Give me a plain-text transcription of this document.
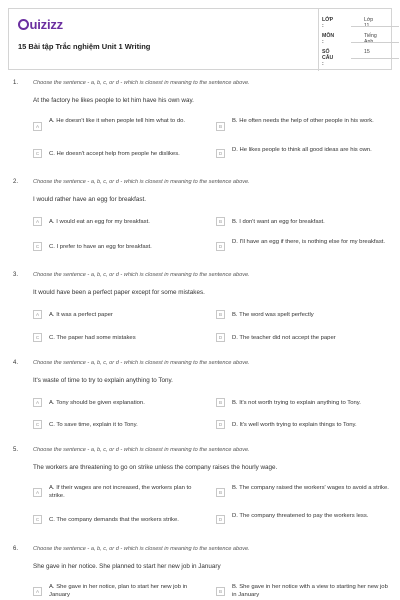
uizizz
15 Bài tập Trắc nghiệm Unit 1 Writing
LỚP :
Lớp
MÔN :
Tiếng
SỐ CÂU :
15
1.	Choose the sentence - a, b, c, or d - which is closest in meaning to the sentence above.
At the factory he likes people to let him have his own way.
A
A. He doesn't like it when people tell him what to do.
B
B. He often needs the help of other people in his work.
C	C. He doesn't accept help from people he dislikes.	D
D. He likes people to think all good ideas are his own.
2.	Choose the sentence - a, b, c, or d - which is closest in meaning to the sentence above.
I would rather have an egg for breakfast.
A	A. I would eat an egg for my breakfast.	B	B. I don't want an egg for breakfast.
C	C. I prefer to have an egg for breakfast.	D
D. I'll have an egg if there, is nothing else for my breakfast.
3.	Choose the sentence - a, b, c, or d - which is closest in meaning to the sentence above.
It would have been a perfect paper except for some mistakes.
A	A. It was a perfect paper	B	B. The word was spelt perfectly
C	C. The paper had some mistakes	D	D. The teacher did not accept the paper
4.	Choose the sentence - a, b, c, or d - which is closest in meaning to the sentence above.
It's waste of time to try to explain anything to Tony.
A	A. Tony should be given explanation.	B	B. It's not worth trying to explain anything to Tony.
C	C. To save time, explain it to Tony.	D	D. It's well worth trying to explain things to Tony.
5.	Choose the sentence - a, b, c, or d - which is closest in meaning to the sentence above.
The workers are threatening to go on strike unless the company raises the hourly wage.
A
A. If their wages are not increased, the workers plan to strike.
B
B. The company raised the workers' wages to avoid a strike.
C	C. The company demands that the workers strike.	D
D. The company threatened to pay the workers less.
6.	Choose the sentence - a, b, c, or d - which is closest in meaning to the sentence above.
She gave in her notice. She planned to start her new job in January
A
A. She gave in her notice, plan to start her new job in January
B
B. She gave in her notice with a view to starting her new job in January
